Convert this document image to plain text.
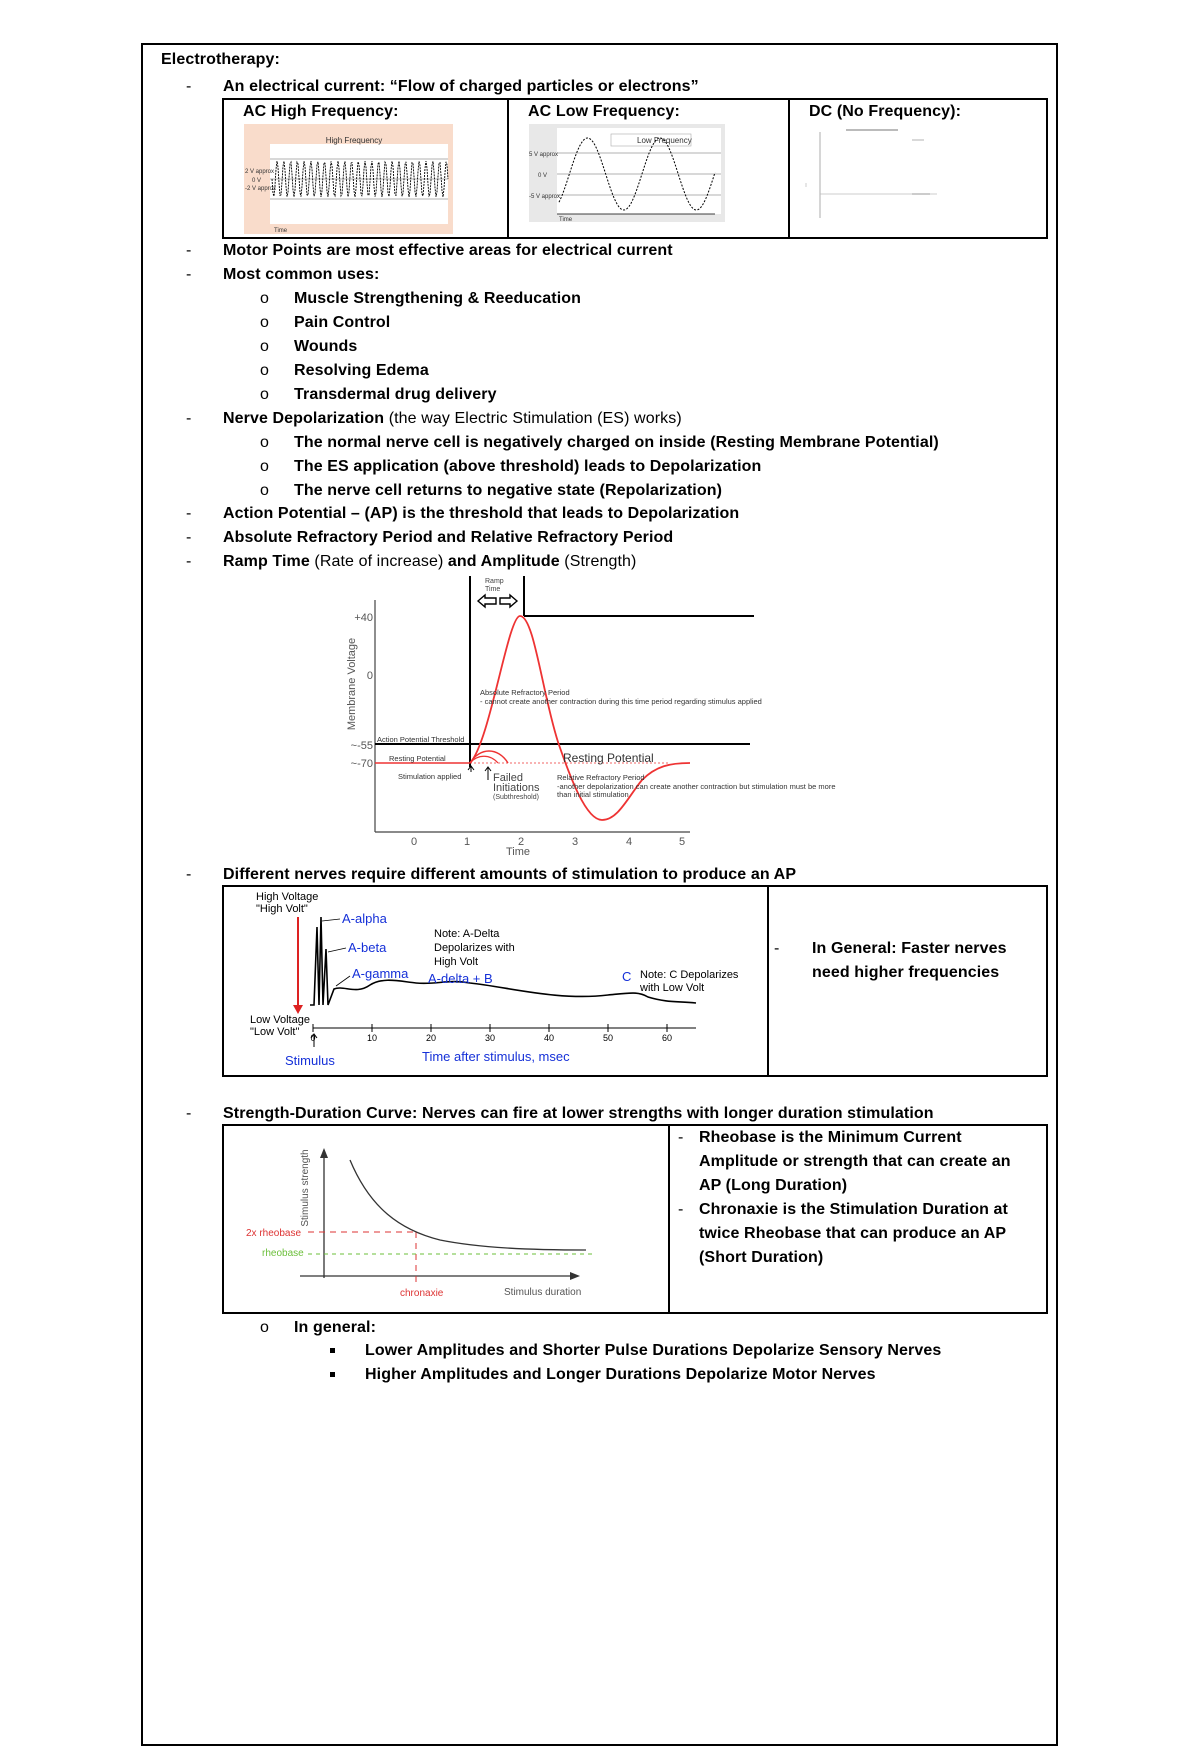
Electrotherapy:
- An electrical current: “Flow of charged particles or electrons”
AC High Frequency:	AC Low Frequency:	DC (No Frequency):
High Frequency
2 V approx
0 V
-2 V approx
Time
Low Frequency
5 V approx
0 V
-5 V approx
Time
- Motor Points are most effective areas for electrical current
- Most common uses:
o Muscle Strengthening & Reeducation
o Pain Control
o Wounds
o Resolving Edema
o Transdermal drug delivery
- Nerve Depolarization (the way Electric Stimulation (ES) works)
o The normal nerve cell is negatively charged on inside (Resting Membrane Potential)
o The ES application (above threshold) leads to Depolarization
o The nerve cell returns to negative state (Repolarization)
- Action Potential – (AP) is the threshold that leads to Depolarization
- Absolute Refractory Period and Relative Refractory Period
- Ramp Time (Rate of increase) and Amplitude (Strength)
Membrane Voltage
+40
0
~-55
~-70
0	1	2	3	4	5
Time
Ramp
Time
Absolute Refractory Period
- cannot create another contraction during this time period regarding stimulus applied
Action Potential Threshold
Resting Potential	Resting Potential
Stimulation applied	Failed
Initiations
(Subthreshold)
Relative Refractory Period
-another depolarization can create another contraction but stimulation must be more
than initial stimulation
- Different nerves require different amounts of stimulation to produce an AP
0	10	20	30	40	50	60
High Voltage
"High Volt"
Low Voltage
"Low Volt"
A-alpha
A-beta
A-gamma A-delta + B	C
Note: A-Delta
Depolarizes with
High Volt
Note: C Depolarizes
with Low Volt
Stimulus	Time after stimulus, msec
- In General: Faster nerves
need higher frequencies
- Strength-Duration Curve: Nerves can fire at lower strengths with longer duration stimulation
Stimulus strength
Stimulus duration
2x rheobase
rheobase
chronaxie
- Rheobase is the Minimum Current
Amplitude or strength that can create an
AP (Long Duration)
- Chronaxie is the Stimulation Duration at
twice Rheobase that can produce an AP
(Short Duration)
o In general:
Lower Amplitudes and Shorter Pulse Durations Depolarize Sensory Nerves
Higher Amplitudes and Longer Durations Depolarize Motor Nerves
